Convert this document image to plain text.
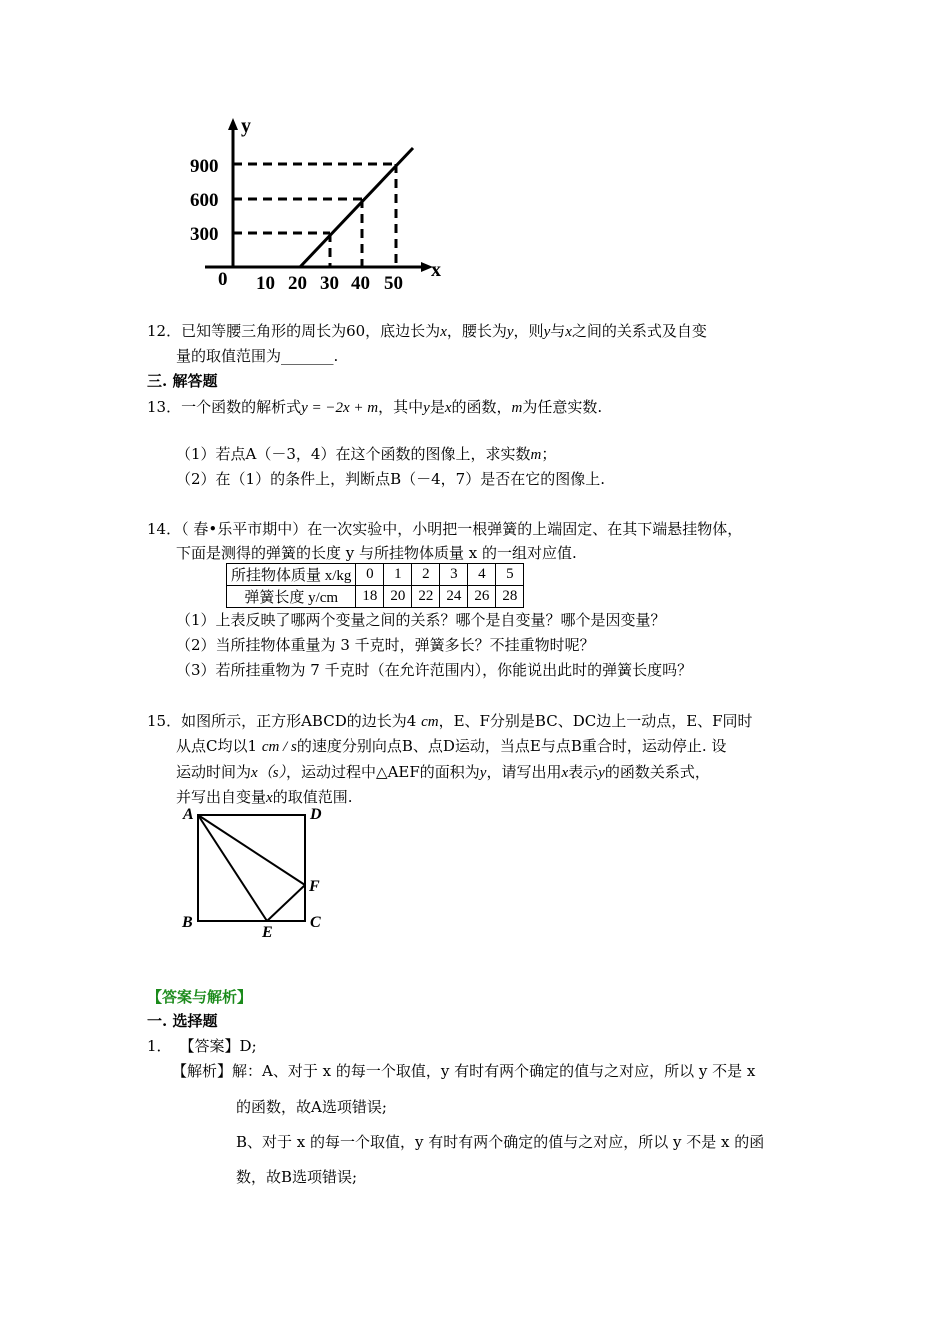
y
x
0
900
600
300
10 20 30 40 50
12．已知等腰三角形的周长为60，底边长为x，腰长为y，则y与x之间的关系式及自变
量的取值范围为_______.
三. 解答题
13．一个函数的解析式y = −2x + m，其中y是x的函数，m为任意实数.
（1）若点A（－3，4）在这个函数的图像上，求实数m；
（2）在（1）的条件上，判断点B（－4，7）是否在它的图像上.
14．（ 春•乐平市期中）在一次实验中，小明把一根弹簧的上端固定、在其下端悬挂物体，
下面是测得的弹簧的长度 y 与所挂物体质量 x 的一组对应值.
所挂物体质量 x/kg	0	1	2	3	4	5
弹簧长度 y/cm	18	20	22	24	26	28
（1）上表反映了哪两个变量之间的关系？哪个是自变量？哪个是因变量？
（2）当所挂物体重量为 3 千克时，弹簧多长？不挂重物时呢？
（3）若所挂重物为 7 千克时（在允许范围内），你能说出此时的弹簧长度吗？
15．如图所示，正方形ABCD的边长为4 cm，E、F分别是BC、DC边上一动点，E、F同时
从点C均以1 cm / s的速度分别向点B、点D运动，当点E与点B重合时，运动停止. 设
运动时间为x（s），运动过程中△AEF的面积为y，请写出用x表示y的函数关系式，
并写出自变量x的取值范围.
A	D
B	C
E
F
【答案与解析】
一. 选择题
1． 【答案】D;
【解析】解：A、对于 x 的每一个取值，y 有时有两个确定的值与之对应，所以 y 不是 x
的函数，故A选项错误;
B、对于 x 的每一个取值，y 有时有两个确定的值与之对应，所以 y 不是 x 的函
数，故B选项错误;
